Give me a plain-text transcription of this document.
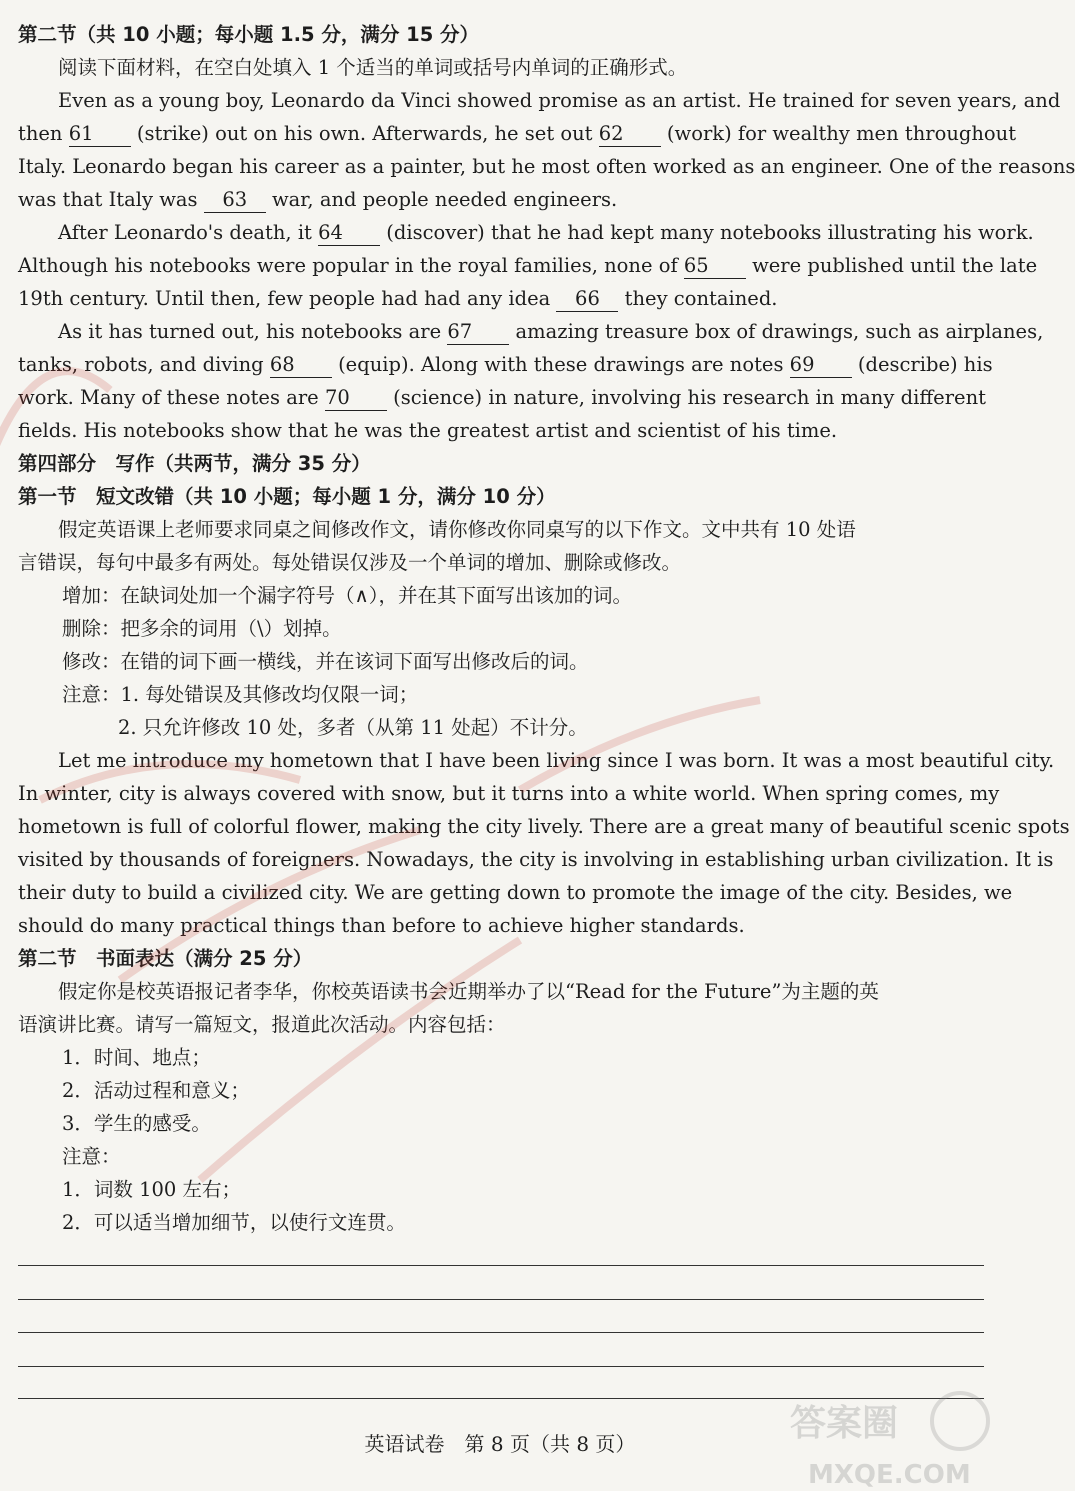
第二节（共 10 小题；每小题 1.5 分，满分 15 分）
阅读下面材料，在空白处填入 1 个适当的单词或括号内单词的正确形式。
Even as a young boy, Leonardo da Vinci showed promise as an artist. He trained for seven years, and
then 61 (strike) out on his own. Afterwards, he set out 62 (work) for wealthy men throughout
Italy. Leonardo began his career as a painter, but he most often worked as an engineer. One of the reasons
was that Italy was 63 war, and people needed engineers.
After Leonardo's death, it 64 (discover) that he had kept many notebooks illustrating his work.
Although his notebooks were popular in the royal families, none of 65 were published until the late
19th century. Until then, few people had had any idea 66 they contained.
As it has turned out, his notebooks are 67 amazing treasure box of drawings, such as airplanes,
tanks, robots, and diving 68 (equip). Along with these drawings are notes 69 (describe) his
work. Many of these notes are 70 (science) in nature, involving his research in many different
fields. His notebooks show that he was the greatest artist and scientist of his time.
第四部分　写作（共两节，满分 35 分）
第一节　短文改错（共 10 小题；每小题 1 分，满分 10 分）
假定英语课上老师要求同桌之间修改作文，请你修改你同桌写的以下作文。文中共有 10 处语
言错误，每句中最多有两处。每处错误仅涉及一个单词的增加、删除或修改。
增加：在缺词处加一个漏字符号（∧），并在其下面写出该加的词。
删除：把多余的词用（\）划掉。
修改：在错的词下画一横线，并在该词下面写出修改后的词。
注意：1. 每处错误及其修改均仅限一词；
2. 只允许修改 10 处，多者（从第 11 处起）不计分。
Let me introduce my hometown that I have been living since I was born. It was a most beautiful city.
In winter, city is always covered with snow, but it turns into a white world. When spring comes, my
hometown is full of colorful flower, making the city lively. There are a great many of beautiful scenic spots
visited by thousands of foreigners. Nowadays, the city is involving in establishing urban civilization. It is
their duty to build a civilized city. We are getting down to promote the image of the city. Besides, we
should do many practical things than before to achieve higher standards.
第二节　书面表达（满分 25 分）
假定你是校英语报记者李华，你校英语读书会近期举办了以“Read for the Future”为主题的英
语演讲比赛。请写一篇短文，报道此次活动。内容包括：
1．时间、地点；
2．活动过程和意义；
3．学生的感受。
注意：
1．词数 100 左右；
2．可以适当增加细节，以使行文连贯。
英语试卷　第 8 页（共 8 页）	答案圈
MXQE.COM
